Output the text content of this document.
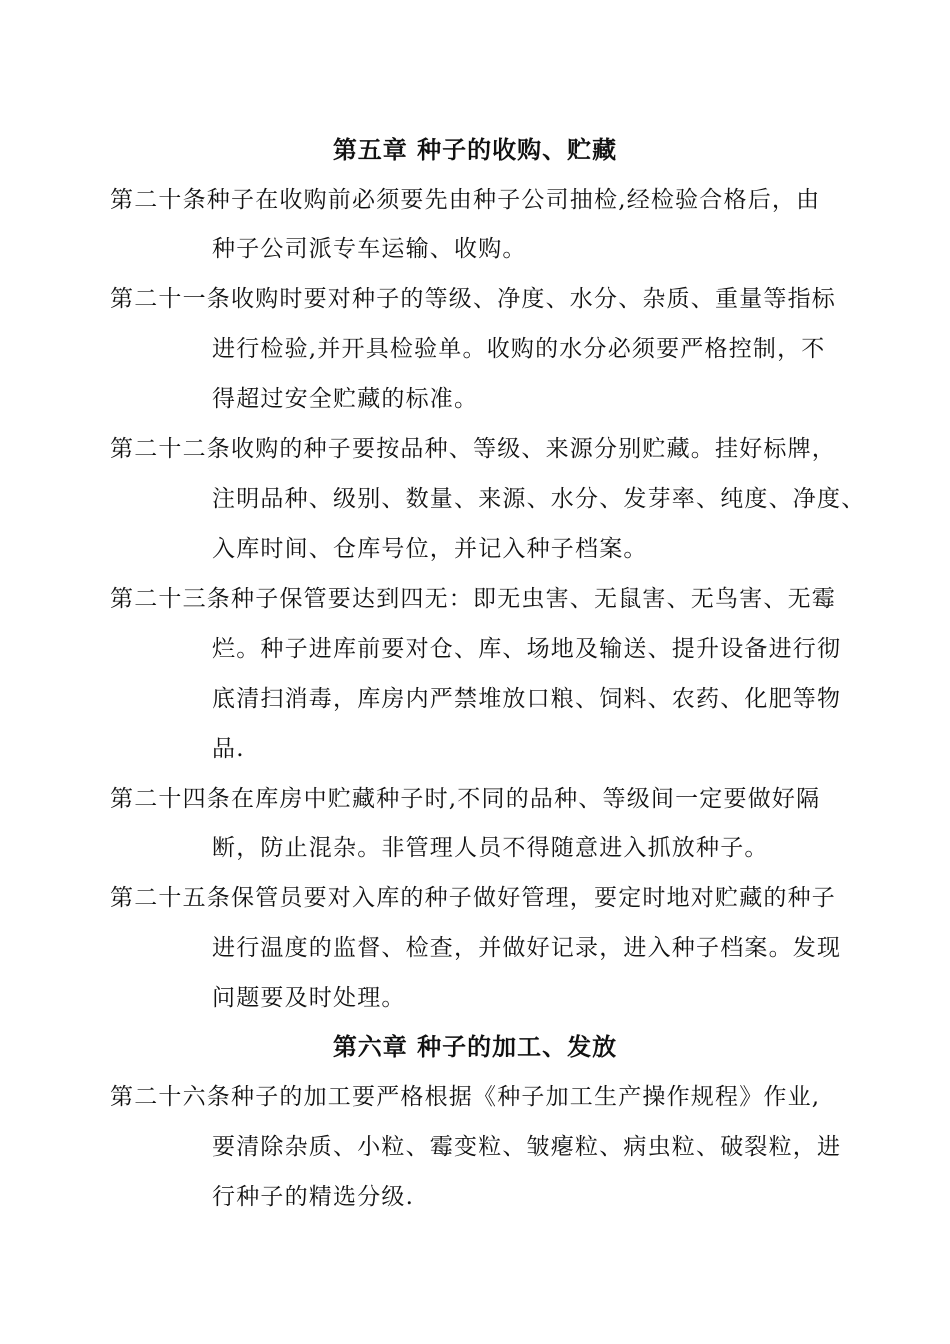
第五章 种子的收购、贮藏
第二十条种子在收购前必须要先由种子公司抽检,经检验合格后，由
种子公司派专车运输、收购。
第二十一条收购时要对种子的等级、净度、水分、杂质、重量等指标
进行检验,并开具检验单。收购的水分必须要严格控制，不
得超过安全贮藏的标准。
第二十二条收购的种子要按品种、等级、来源分别贮藏。挂好标牌，
注明品种、级别、数量、来源、水分、发芽率、纯度、净度、
入库时间、仓库号位，并记入种子档案。
第二十三条种子保管要达到四无：即无虫害、无鼠害、无鸟害、无霉
烂。种子进库前要对仓、库、场地及输送、提升设备进行彻
底清扫消毒，库房内严禁堆放口粮、饲料、农药、化肥等物
品.
第二十四条在库房中贮藏种子时,不同的品种、等级间一定要做好隔
断，防止混杂。非管理人员不得随意进入抓放种子。
第二十五条保管员要对入库的种子做好管理，要定时地对贮藏的种子
进行温度的监督、检查，并做好记录，进入种子档案。发现
问题要及时处理。
第六章 种子的加工、发放
第二十六条种子的加工要严格根据《种子加工生产操作规程》作业,
要清除杂质、小粒、霉变粒、皱瘪粒、病虫粒、破裂粒，进
行种子的精选分级.
